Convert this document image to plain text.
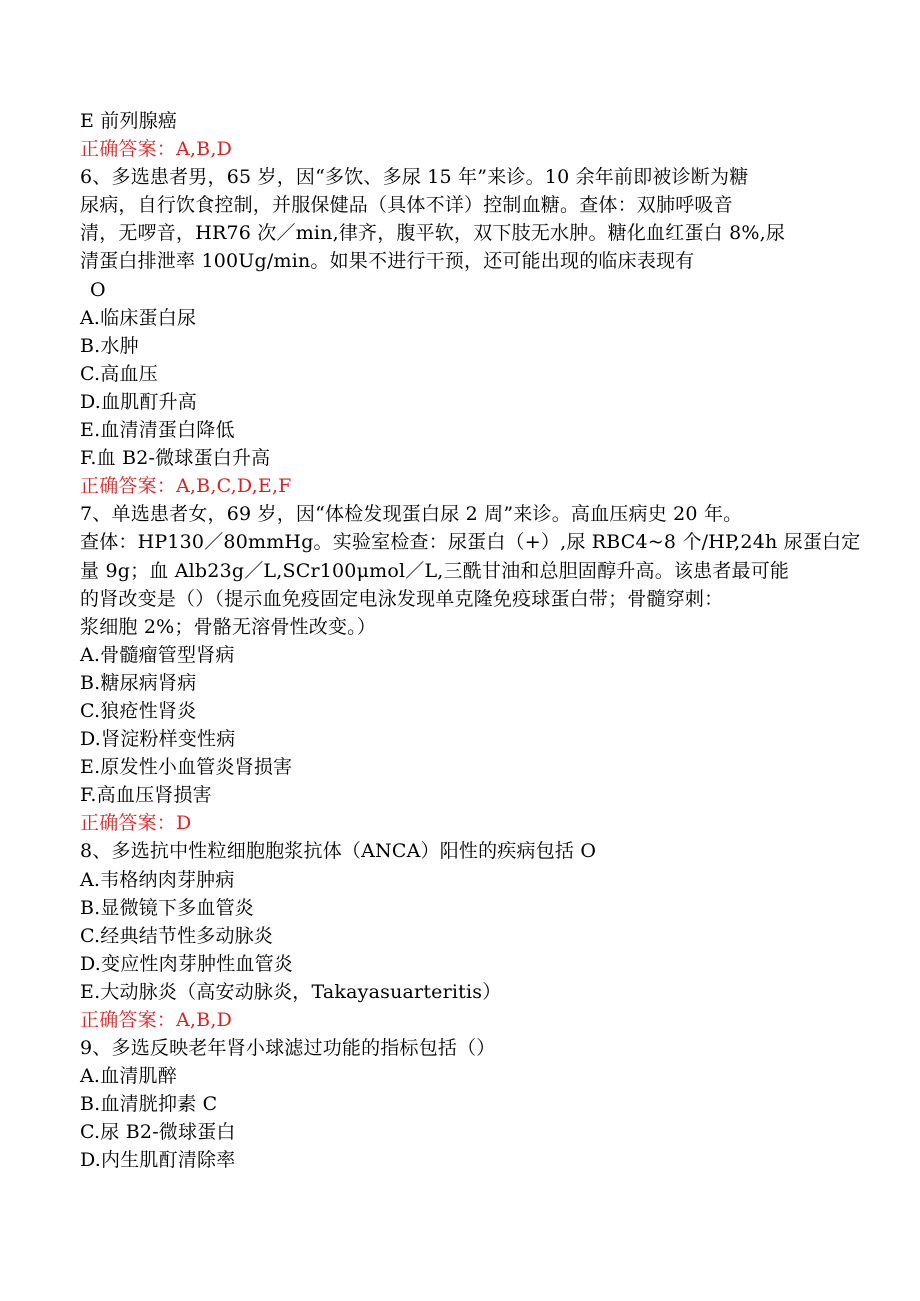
E 前列腺癌
正确答案：A,B,D
6、多选患者男，65 岁，因“多饮、多尿 15 年”来诊。10 余年前即被诊断为糖
尿病，自行饮食控制，并服保健品（具体不详）控制血糖。查体：双肺呼吸音
清，无啰音，HR76 次／min,律齐，腹平软，双下肢无水肿。糖化血红蛋白 8%,尿
清蛋白排泄率 100Ug/min。如果不进行干预，还可能出现的临床表现有
O
A.临床蛋白尿
B.水肿
C.高血压
D.血肌酊升高
E.血清清蛋白降低
F.血 B2-微球蛋白升高
正确答案：A,B,C,D,E,F
7、单选患者女，69 岁，因“体检发现蛋白尿 2 周”来诊。高血压病史 20 年。
查体：HP130／80mmHg。实验室检查：尿蛋白（+）,尿 RBC4~8 个/HP,24h 尿蛋白定
量 9g；血 Alb23g／L,SCr100μmol／L,三酰甘油和总胆固醇升高。该患者最可能
的肾改变是（）（提示血免疫固定电泳发现单克隆免疫球蛋白带；骨髓穿刺：
浆细胞 2%；骨骼无溶骨性改变。）
A.骨髓瘤管型肾病
B.糖尿病肾病
C.狼疮性肾炎
D.肾淀粉样变性病
E.原发性小血管炎肾损害
F.高血压肾损害
正确答案：D
8、多选抗中性粒细胞胞浆抗体（ANCA）阳性的疾病包括 O
A.韦格纳肉芽肿病
B.显微镜下多血管炎
C.经典结节性多动脉炎
D.变应性肉芽肿性血管炎
E.大动脉炎（高安动脉炎，Takayasuarteritis）
正确答案：A,B,D
9、多选反映老年肾小球滤过功能的指标包括（）
A.血清肌醉
B.血清胱抑素 C
C.尿 B2-微球蛋白
D.内生肌酊清除率
